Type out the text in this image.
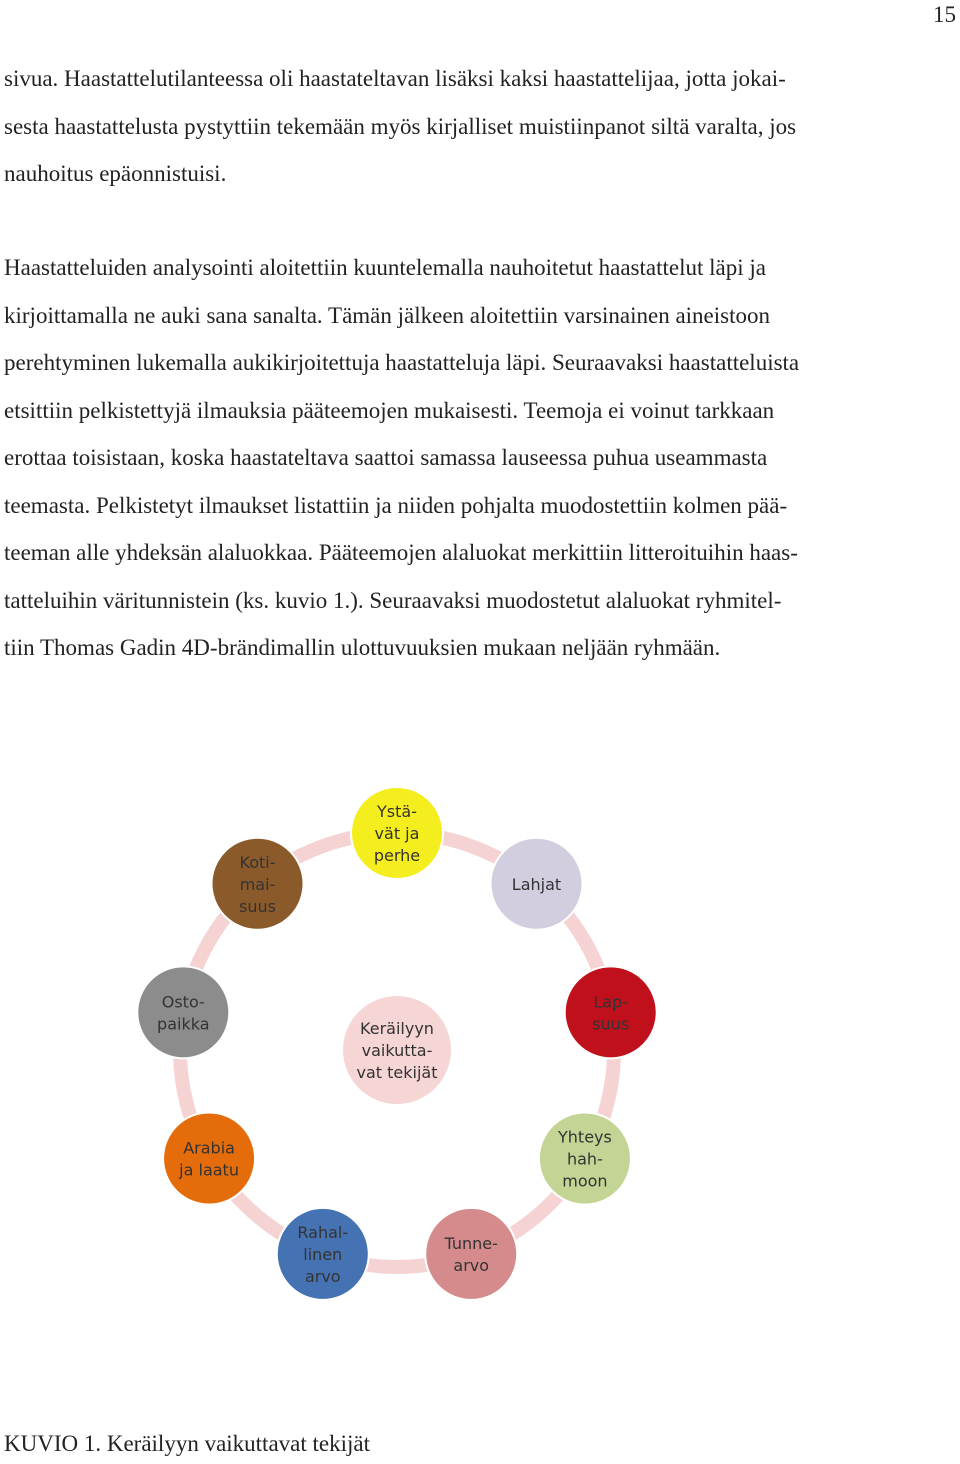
15
sivua. Haastattelutilanteessa oli haastateltavan lisäksi kaksi haastattelijaa, jotta jokai-
sesta haastattelusta pystyttiin tekemään myös kirjalliset muistiinpanot siltä varalta, jos
nauhoitus epäonnistuisi.
Haastatteluiden analysointi aloitettiin kuuntelemalla nauhoitetut haastattelut läpi ja
kirjoittamalla ne auki sana sanalta. Tämän jälkeen aloitettiin varsinainen aineistoon
perehtyminen lukemalla aukikirjoitettuja haastatteluja läpi. Seuraavaksi haastatteluista
etsittiin pelkistettyjä ilmauksia pääteemojen mukaisesti. Teemoja ei voinut tarkkaan
erottaa toisistaan, koska haastateltava saattoi samassa lauseessa puhua useammasta
teemasta. Pelkistetyt ilmaukset listattiin ja niiden pohjalta muodostettiin kolmen pää-
teeman alle yhdeksän alaluokkaa. Pääteemojen alaluokat merkittiin litteroituihin haas-
tatteluihin väritunnistein (ks. kuvio 1.). Seuraavaksi muodostetut alaluokat ryhmitel-
tiin Thomas Gadin 4D-brändimallin ulottuvuuksien mukaan neljään ryhmään.
Keräilyyn
vaikutta-
vat tekijät
Ystä-
vät ja
perhe
Lahjat
Lap-
suus
Yhteys
hah-
moon
Tunne-
arvo
Rahal-
linen
arvo
Arabia
ja laatu
Osto-
paikka
Koti-
mai-
suus
KUVIO 1. Keräilyyn vaikuttavat tekijät
